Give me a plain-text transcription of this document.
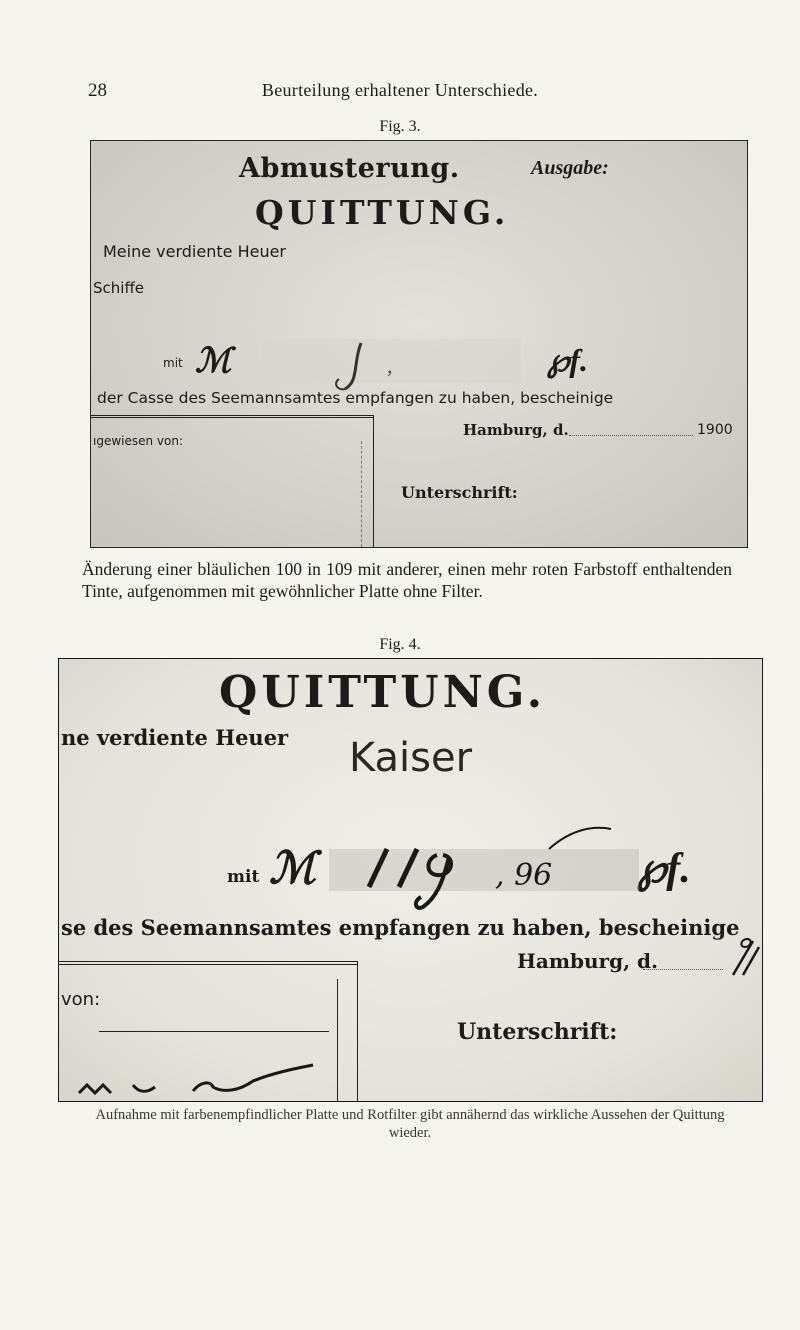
28	Beurteilung erhaltener Unterschiede.
Fig. 3.
Abmusterung.	Ausgabe:
QUITTUNG.
Meine verdiente Heuer
Schiffe
mit ℳ	℘f.
,
der Casse des Seemannsamtes empfangen zu haben, bescheinige
ıgewiesen von:
Hamburg, d.	1900
Unterschrift:
Änderung einer bläulichen 100 in 109 mit anderer, einen mehr roten Farbstoff enthaltenden Tinte, aufgenommen mit gewöhnlicher Platte ohne Filter.
Fig. 4.
QUITTUNG.
ne verdiente Heuer Kaiser
mit ℳ	℘f.
, 96
se des Seemannsamtes empfangen zu haben, bescheinige
Hamburg, d.
von:
Unterschrift:
Aufnahme mit farbenempfindlicher Platte und Rotfilter gibt annähernd das wirkliche Aussehen der Quittung wieder.
